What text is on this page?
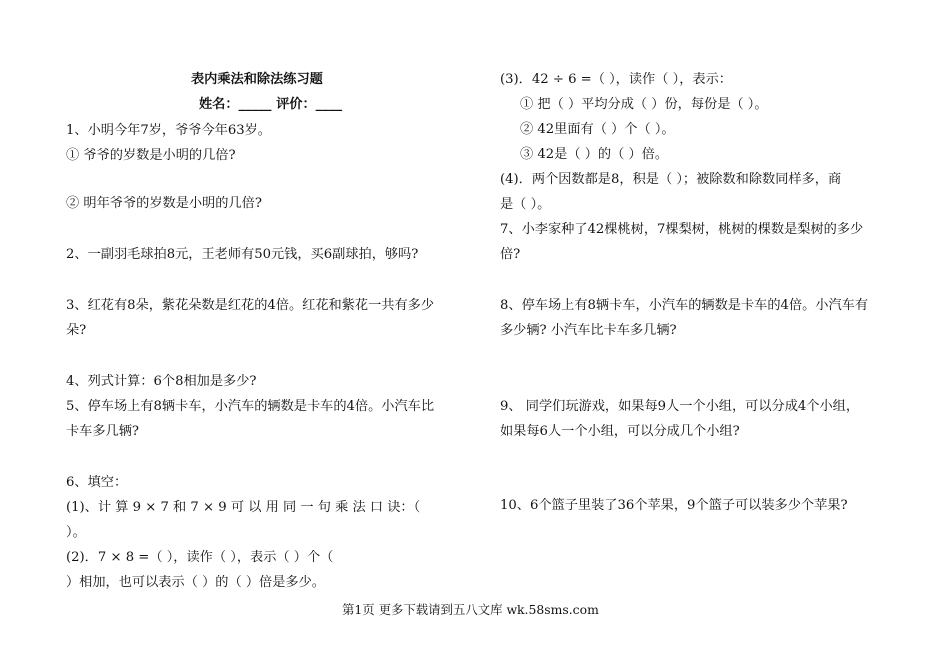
表内乘法和除法练习题
姓名：_____ 评价：____
1、小明今年7岁，爷爷今年63岁。
① 爷爷的岁数是小明的几倍?
② 明年爷爷的岁数是小明的几倍?
2、一副羽毛球拍8元，王老师有50元钱，买6副球拍，够吗?
3、红花有8朵，紫花朵数是红花的4倍。红花和紫花一共有多少
朵?
4、列式计算：6个8相加是多少?
5、停车场上有8辆卡车，小汽车的辆数是卡车的4倍。小汽车比
卡车多几辆?
6、填空：
(1)、计 算 9 × 7 和 7 × 9 可 以 用 同 一 句 乘 法 口 诀：（
）。
(2)．7 × 8 =（ ），读作（ ），表示（ ）个（
）相加，也可以表示（ ）的（ ）倍是多少。
(3)．42 ÷ 6 =（ ），读作（ ），表示：
① 把（ ）平均分成（ ）份，每份是（ ）。
② 42里面有（ ）个（ ）。
③ 42是（ ）的（ ）倍。
(4)．两个因数都是8，积是（ ）；被除数和除数同样多，商
是（ ）。
7、小李家种了42棵桃树，7棵梨树，桃树的棵数是梨树的多少
倍?
8、停车场上有8辆卡车，小汽车的辆数是卡车的4倍。小汽车有
多少辆? 小汽车比卡车多几辆?
9、 同学们玩游戏，如果每9人一个小组，可以分成4个小组，
如果每6人一个小组，可以分成几个小组?
10、6个篮子里装了36个苹果，9个篮子可以装多少个苹果?
第1页 更多下载请到五八文库 wk.58sms.com
